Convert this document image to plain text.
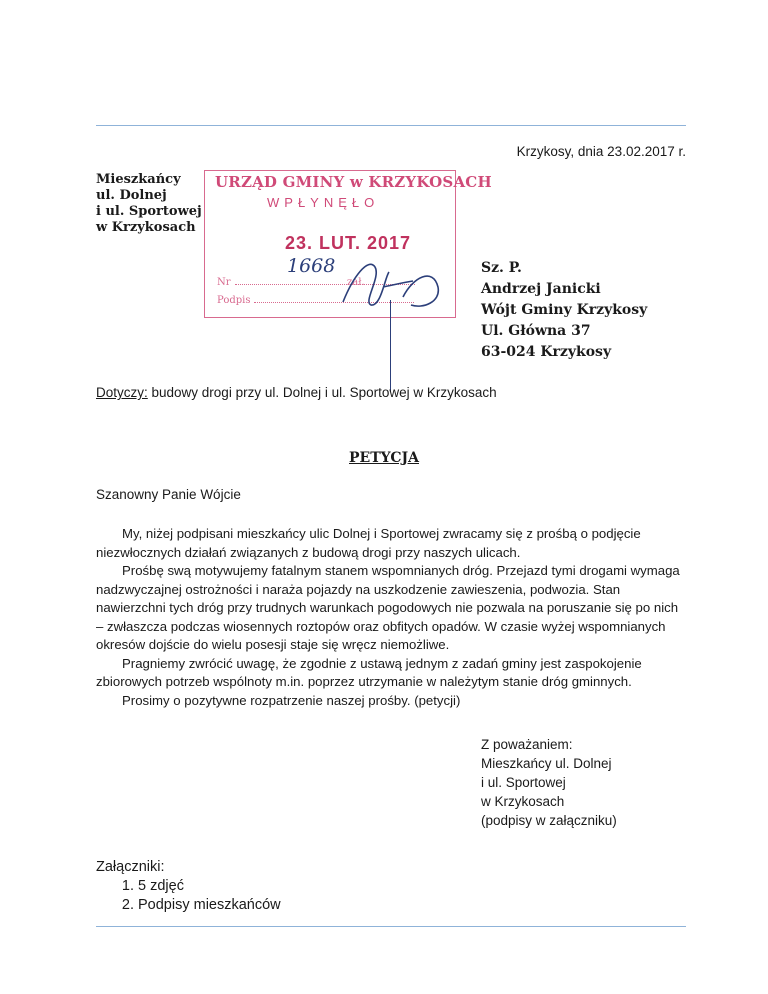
Krzykosy, dnia 23.02.2017 r.
Mieszkańcy
ul. Dolnej
i ul. Sportowej
w Krzykosach
URZĄD GMINY w KRZYKOSACH
WPŁYNĘŁO
23. LUT. 2017
1668
Nr	zał.
Podpis
Sz. P.
Andrzej Janicki
Wójt Gminy Krzykosy
Ul. Główna 37
63-024 Krzykosy
Dotyczy: budowy drogi przy ul. Dolnej i ul. Sportowej w Krzykosach
PETYCJA
Szanowny Panie Wójcie

My, niżej podpisani mieszkańcy ulic Dolnej i Sportowej zwracamy się z prośbą o podjęcie niezwłocznych działań związanych z budową drogi przy naszych ulicach.

Prośbę swą motywujemy fatalnym stanem wspomnianych dróg. Przejazd tymi drogami wymaga nadzwyczajnej ostrożności i naraża pojazdy na uszkodzenie zawieszenia, podwozia. Stan nawierzchni tych dróg przy trudnych warunkach pogodowych nie pozwala na poruszanie się po nich – zwłaszcza podczas wiosennych roztopów oraz obfitych opadów. W czasie wyżej wspomnianych okresów dojście do wielu posesji staje się wręcz niemożliwe.

Pragniemy zwrócić uwagę, że zgodnie z ustawą jednym z zadań gminy jest zaspokojenie zbiorowych potrzeb wspólnoty m.in. poprzez utrzymanie w należytym stanie dróg gminnych.

Prosimy o pozytywne rozpatrzenie naszej prośby. (petycji)

Z poważaniem:
Mieszkańcy ul. Dolnej
i ul. Sportowej
w Krzykosach
(podpisy w załączniku)
Załączniki:
1. 5 zdjęć
2. Podpisy mieszkańców
